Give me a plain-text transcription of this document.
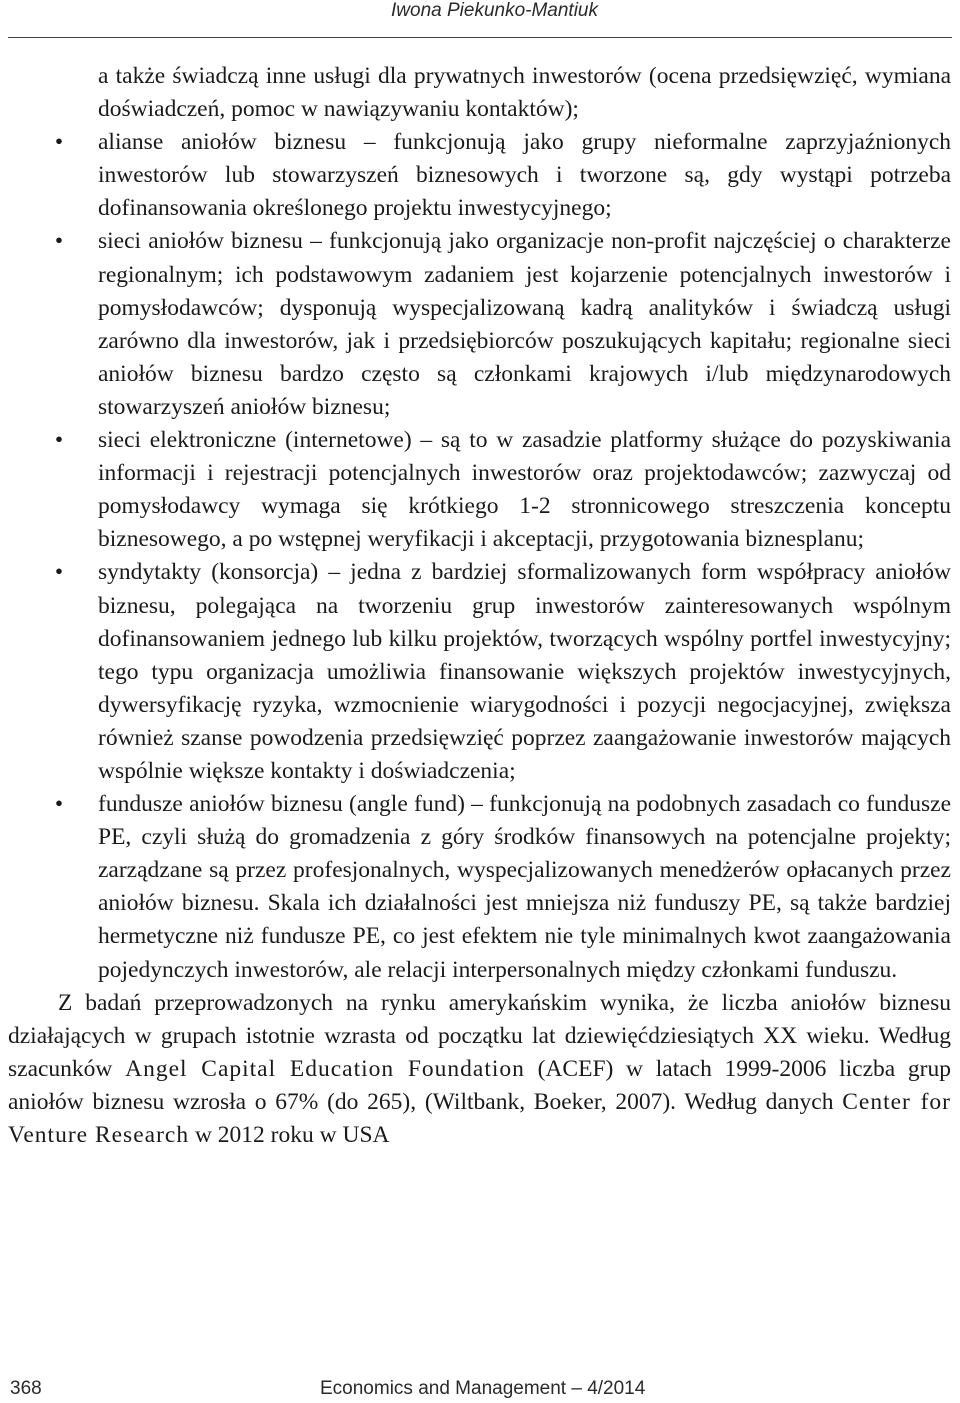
Iwona Piekunko-Mantiuk
a także świadczą inne usługi dla prywatnych inwestorów (ocena przedsięwzięć, wymiana doświadczeń, pomoc w nawiązywaniu kontaktów);
• alianse aniołów biznesu – funkcjonują jako grupy nieformalne zaprzyjaźnionych inwestorów lub stowarzyszeń biznesowych i tworzone są, gdy wystąpi potrzeba dofinansowania określonego projektu inwestycyjnego;
• sieci aniołów biznesu – funkcjonują jako organizacje non-profit najczęściej o charakterze regionalnym; ich podstawowym zadaniem jest kojarzenie potencjalnych inwestorów i pomysłodawców; dysponują wyspecjalizowaną kadrą analityków i świadczą usługi zarówno dla inwestorów, jak i przedsiębiorców poszukujących kapitału; regionalne sieci aniołów biznesu bardzo często są członkami krajowych i/lub międzynarodowych stowarzyszeń aniołów biznesu;
• sieci elektroniczne (internetowe) – są to w zasadzie platformy służące do pozyskiwania informacji i rejestracji potencjalnych inwestorów oraz projektodawców; zazwyczaj od pomysłodawcy wymaga się krótkiego 1-2 stronnicowego streszczenia konceptu biznesowego, a po wstępnej weryfikacji i akceptacji, przygotowania biznesplanu;
• syndytakty (konsorcja) – jedna z bardziej sformalizowanych form współpracy aniołów biznesu, polegająca na tworzeniu grup inwestorów zainteresowanych wspólnym dofinansowaniem jednego lub kilku projektów, tworzących wspólny portfel inwestycyjny; tego typu organizacja umożliwia finansowanie większych projektów inwestycyjnych, dywersyfikację ryzyka, wzmocnienie wiarygodności i pozycji negocjacyjnej, zwiększa również szanse powodzenia przedsięwzięć poprzez zaangażowanie inwestorów mających wspólnie większe kontakty i doświadczenia;
• fundusze aniołów biznesu (angle fund) – funkcjonują na podobnych zasadach co fundusze PE, czyli służą do gromadzenia z góry środków finansowych na potencjalne projekty; zarządzane są przez profesjonalnych, wyspecjalizowanych menedżerów opłacanych przez aniołów biznesu. Skala ich działalności jest mniejsza niż funduszy PE, są także bardziej hermetyczne niż fundusze PE, co jest efektem nie tyle minimalnych kwot zaangażowania pojedynczych inwestorów, ale relacji interpersonalnych między członkami funduszu.

Z badań przeprowadzonych na rynku amerykańskim wynika, że liczba aniołów biznesu działających w grupach istotnie wzrasta od początku lat dziewięćdziesiątych XX wieku. Według szacunków Angel Capital Education Foundation (ACEF) w latach 1999-2006 liczba grup aniołów biznesu wzrosła o 67% (do 265), (Wiltbank, Boeker, 2007). Według danych Center for Venture Research w 2012 roku w USA

368	Economics and Management – 4/2014
